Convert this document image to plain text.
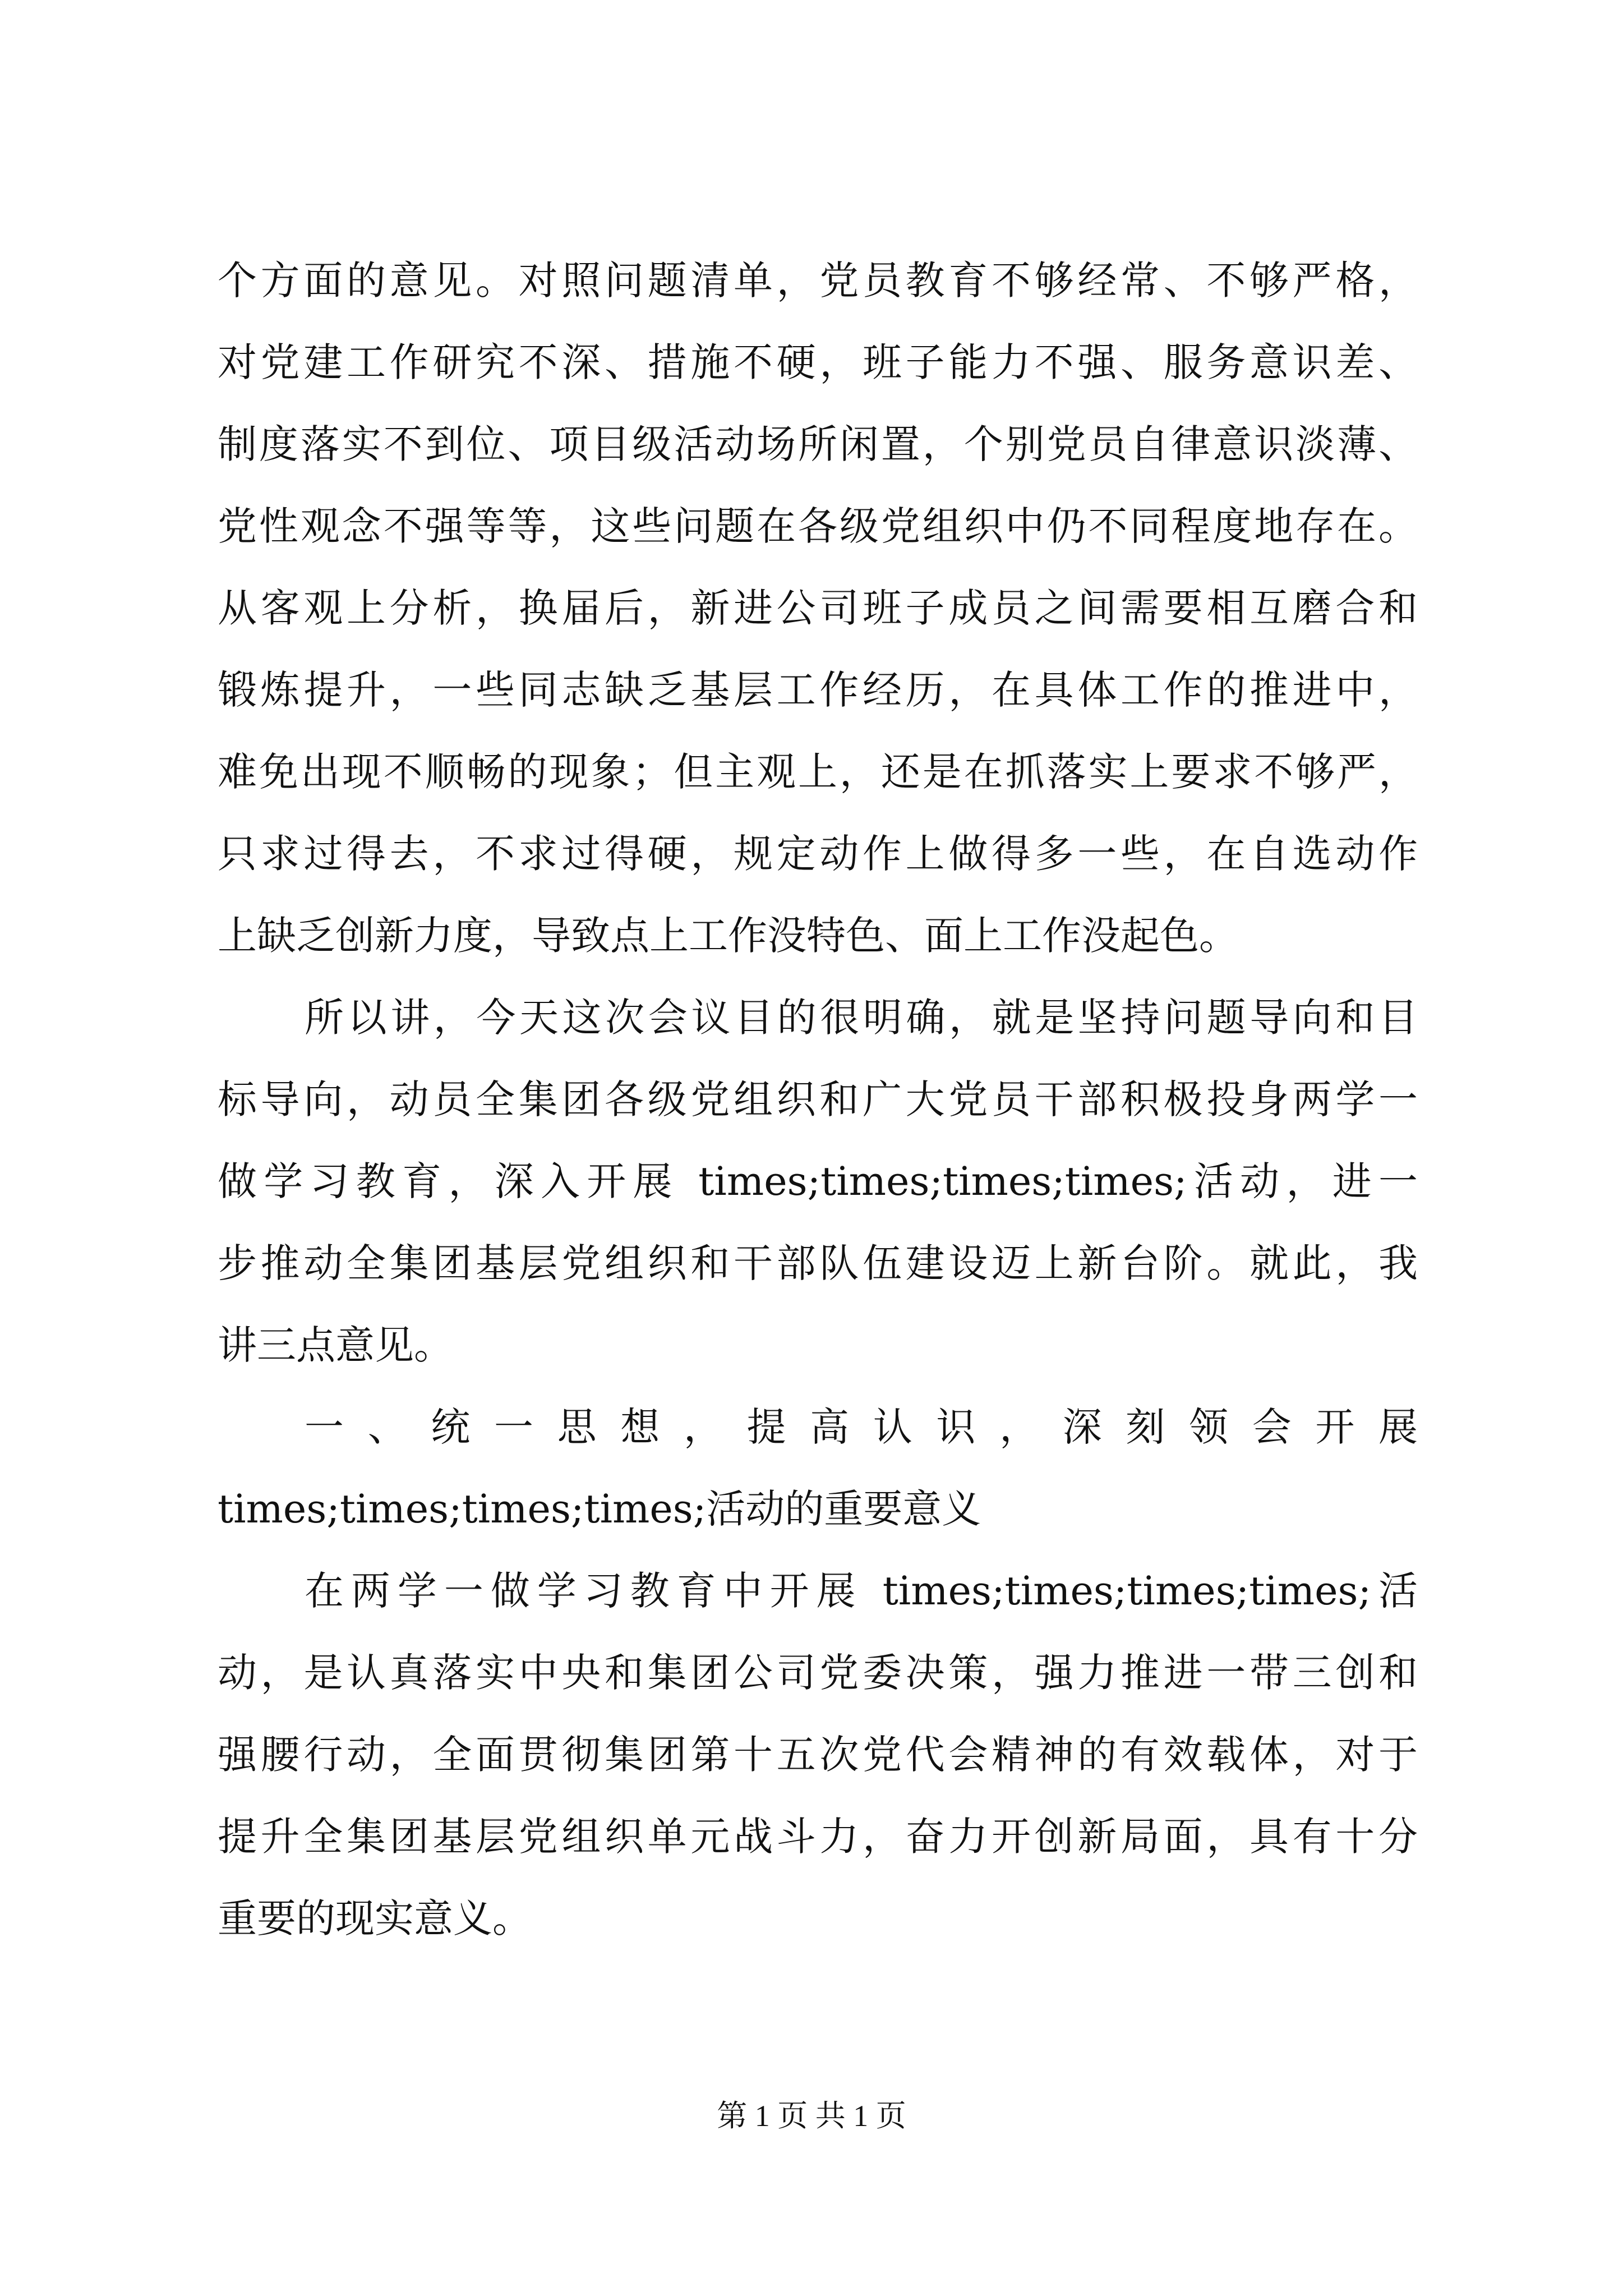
个方面的意见。对照问题清单，党员教育不够经常、不够严格，
对党建工作研究不深、措施不硬，班子能力不强、服务意识差、
制度落实不到位、项目级活动场所闲置，个别党员自律意识淡薄、
党性观念不强等等，这些问题在各级党组织中仍不同程度地存在。
从客观上分析，换届后，新进公司班子成员之间需要相互磨合和
锻炼提升，一些同志缺乏基层工作经历，在具体工作的推进中，
难免出现不顺畅的现象；但主观上，还是在抓落实上要求不够严，
只求过得去，不求过得硬，规定动作上做得多一些，在自选动作
上缺乏创新力度，导致点上工作没特色、面上工作没起色。
所以讲，今天这次会议目的很明确，就是坚持问题导向和目
标导向，动员全集团各级党组织和广大党员干部积极投身两学一
做学习教育，深入开展 times;times;times;times;活动，进一
步推动全集团基层党组织和干部队伍建设迈上新台阶。就此，我
讲三点意见。
一、统一思想，提高认识，深刻领会开展
times;times;times;times;活动的重要意义
在两学一做学习教育中开展 times;times;times;times;活
动，是认真落实中央和集团公司党委决策，强力推进一带三创和
强腰行动，全面贯彻集团第十五次党代会精神的有效载体，对于
提升全集团基层党组织单元战斗力，奋力开创新局面，具有十分
重要的现实意义。
第 1 页 共 1 页
